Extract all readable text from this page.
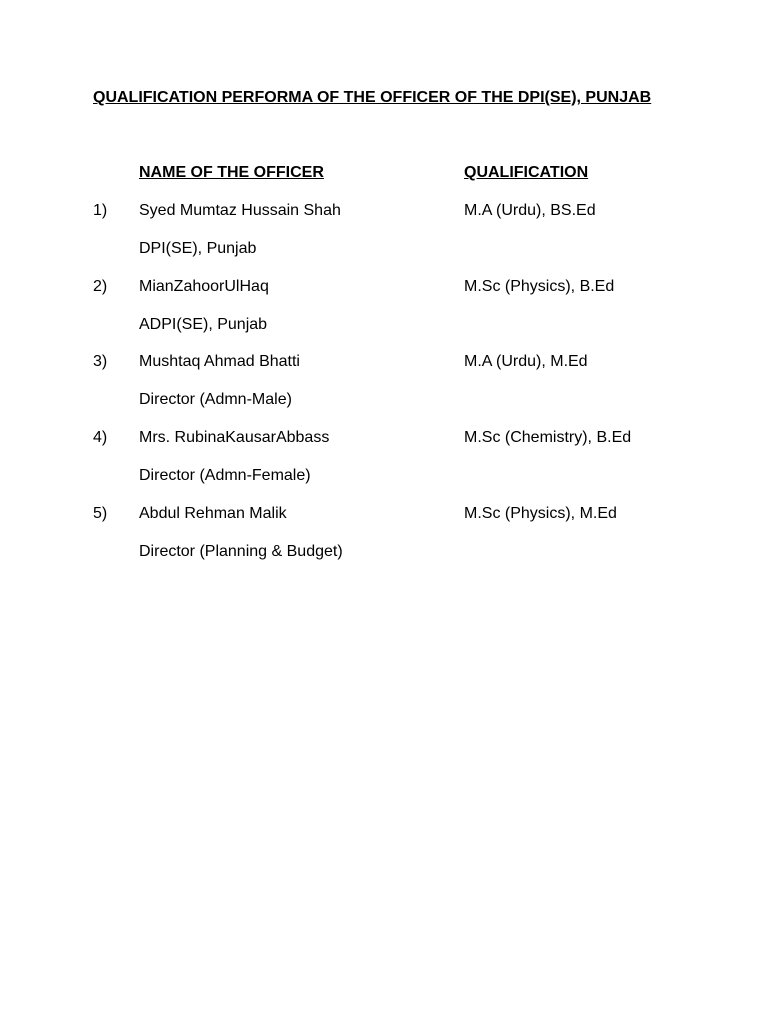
QUALIFICATION PERFORMA OF THE OFFICER OF THE DPI(SE), PUNJAB
NAME OF THE OFFICER	QUALIFICATION
1) Syed Mumtaz Hussain Shah
DPI(SE), Punjab
M.A (Urdu), BS.Ed
2) MianZahoorUlHaq
ADPI(SE), Punjab
M.Sc (Physics), B.Ed
3) Mushtaq Ahmad Bhatti
Director (Admn-Male)
M.A (Urdu), M.Ed
4) Mrs. RubinaKausarAbbass
Director (Admn-Female)
M.Sc (Chemistry), B.Ed
5) Abdul Rehman Malik
Director (Planning & Budget)
M.Sc (Physics), M.Ed
